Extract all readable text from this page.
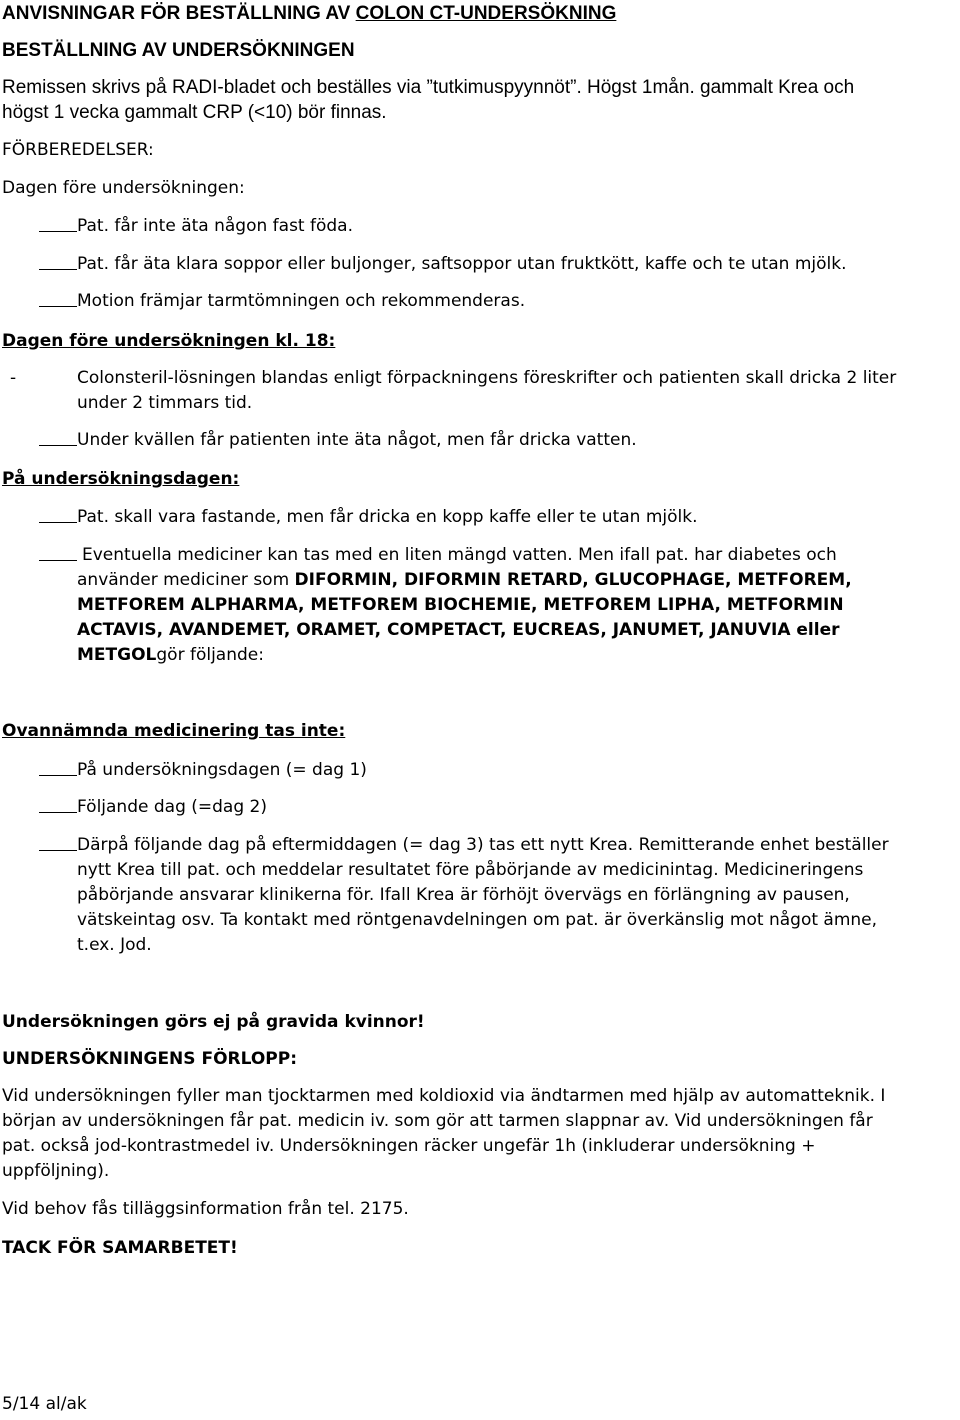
ANVISNINGAR FÖR BESTÄLLNING AV COLON CT-UNDERSÖKNING
BESTÄLLNING AV UNDERSÖKNINGEN
Remissen skrivs på RADI-bladet och beställes via ”tutkimuspyynnöt”. Högst 1mån. gammalt Krea och
högst 1 vecka gammalt CRP (<10) bör finnas.
FÖRBEREDELSER:
Dagen före undersökningen:
Pat. får inte äta någon fast föda.
Pat. får äta klara soppor eller buljonger, saftsoppor utan fruktkött, kaffe och te utan mjölk.
Motion främjar tarmtömningen och rekommenderas.
Dagen före undersökningen kl. 18:
-	Colonsteril-lösningen blandas enligt förpackningens föreskrifter och patienten skall dricka 2 liter
under 2 timmars tid.
Under kvällen får patienten inte äta något, men får dricka vatten.
På undersökningsdagen:
Pat. skall vara fastande, men får dricka en kopp kaffe eller te utan mjölk.
Eventuella mediciner kan tas med en liten mängd vatten. Men ifall pat. har diabetes och
använder mediciner som DIFORMIN, DIFORMIN RETARD, GLUCOPHAGE, METFOREM,
METFOREM ALPHARMA, METFOREM BIOCHEMIE, METFOREM LIPHA, METFORMIN
ACTAVIS, AVANDEMET, ORAMET, COMPETACT, EUCREAS, JANUMET, JANUVIA eller
METGOLgör följande:
Ovannämnda medicinering tas inte:
På undersökningsdagen (= dag 1)
Följande dag (=dag 2)
Därpå följande dag på eftermiddagen (= dag 3) tas ett nytt Krea. Remitterande enhet beställer
nytt Krea till pat. och meddelar resultatet före påbörjande av medicinintag. Medicineringens
påbörjande ansvarar klinikerna för. Ifall Krea är förhöjt övervägs en förlängning av pausen,
vätskeintag osv. Ta kontakt med röntgenavdelningen om pat. är överkänslig mot något ämne,
t.ex. Jod.
Undersökningen görs ej på gravida kvinnor!
UNDERSÖKNINGENS FÖRLOPP:
Vid undersökningen fyller man tjocktarmen med koldioxid via ändtarmen med hjälp av automatteknik. I
början av undersökningen får pat. medicin iv. som gör att tarmen slappnar av. Vid undersökningen får
pat. också jod-kontrastmedel iv. Undersökningen räcker ungefär 1h (inkluderar undersökning +
uppföljning).
Vid behov fås tilläggsinformation från tel. 2175.
TACK FÖR SAMARBETET!
5/14 al/ak
